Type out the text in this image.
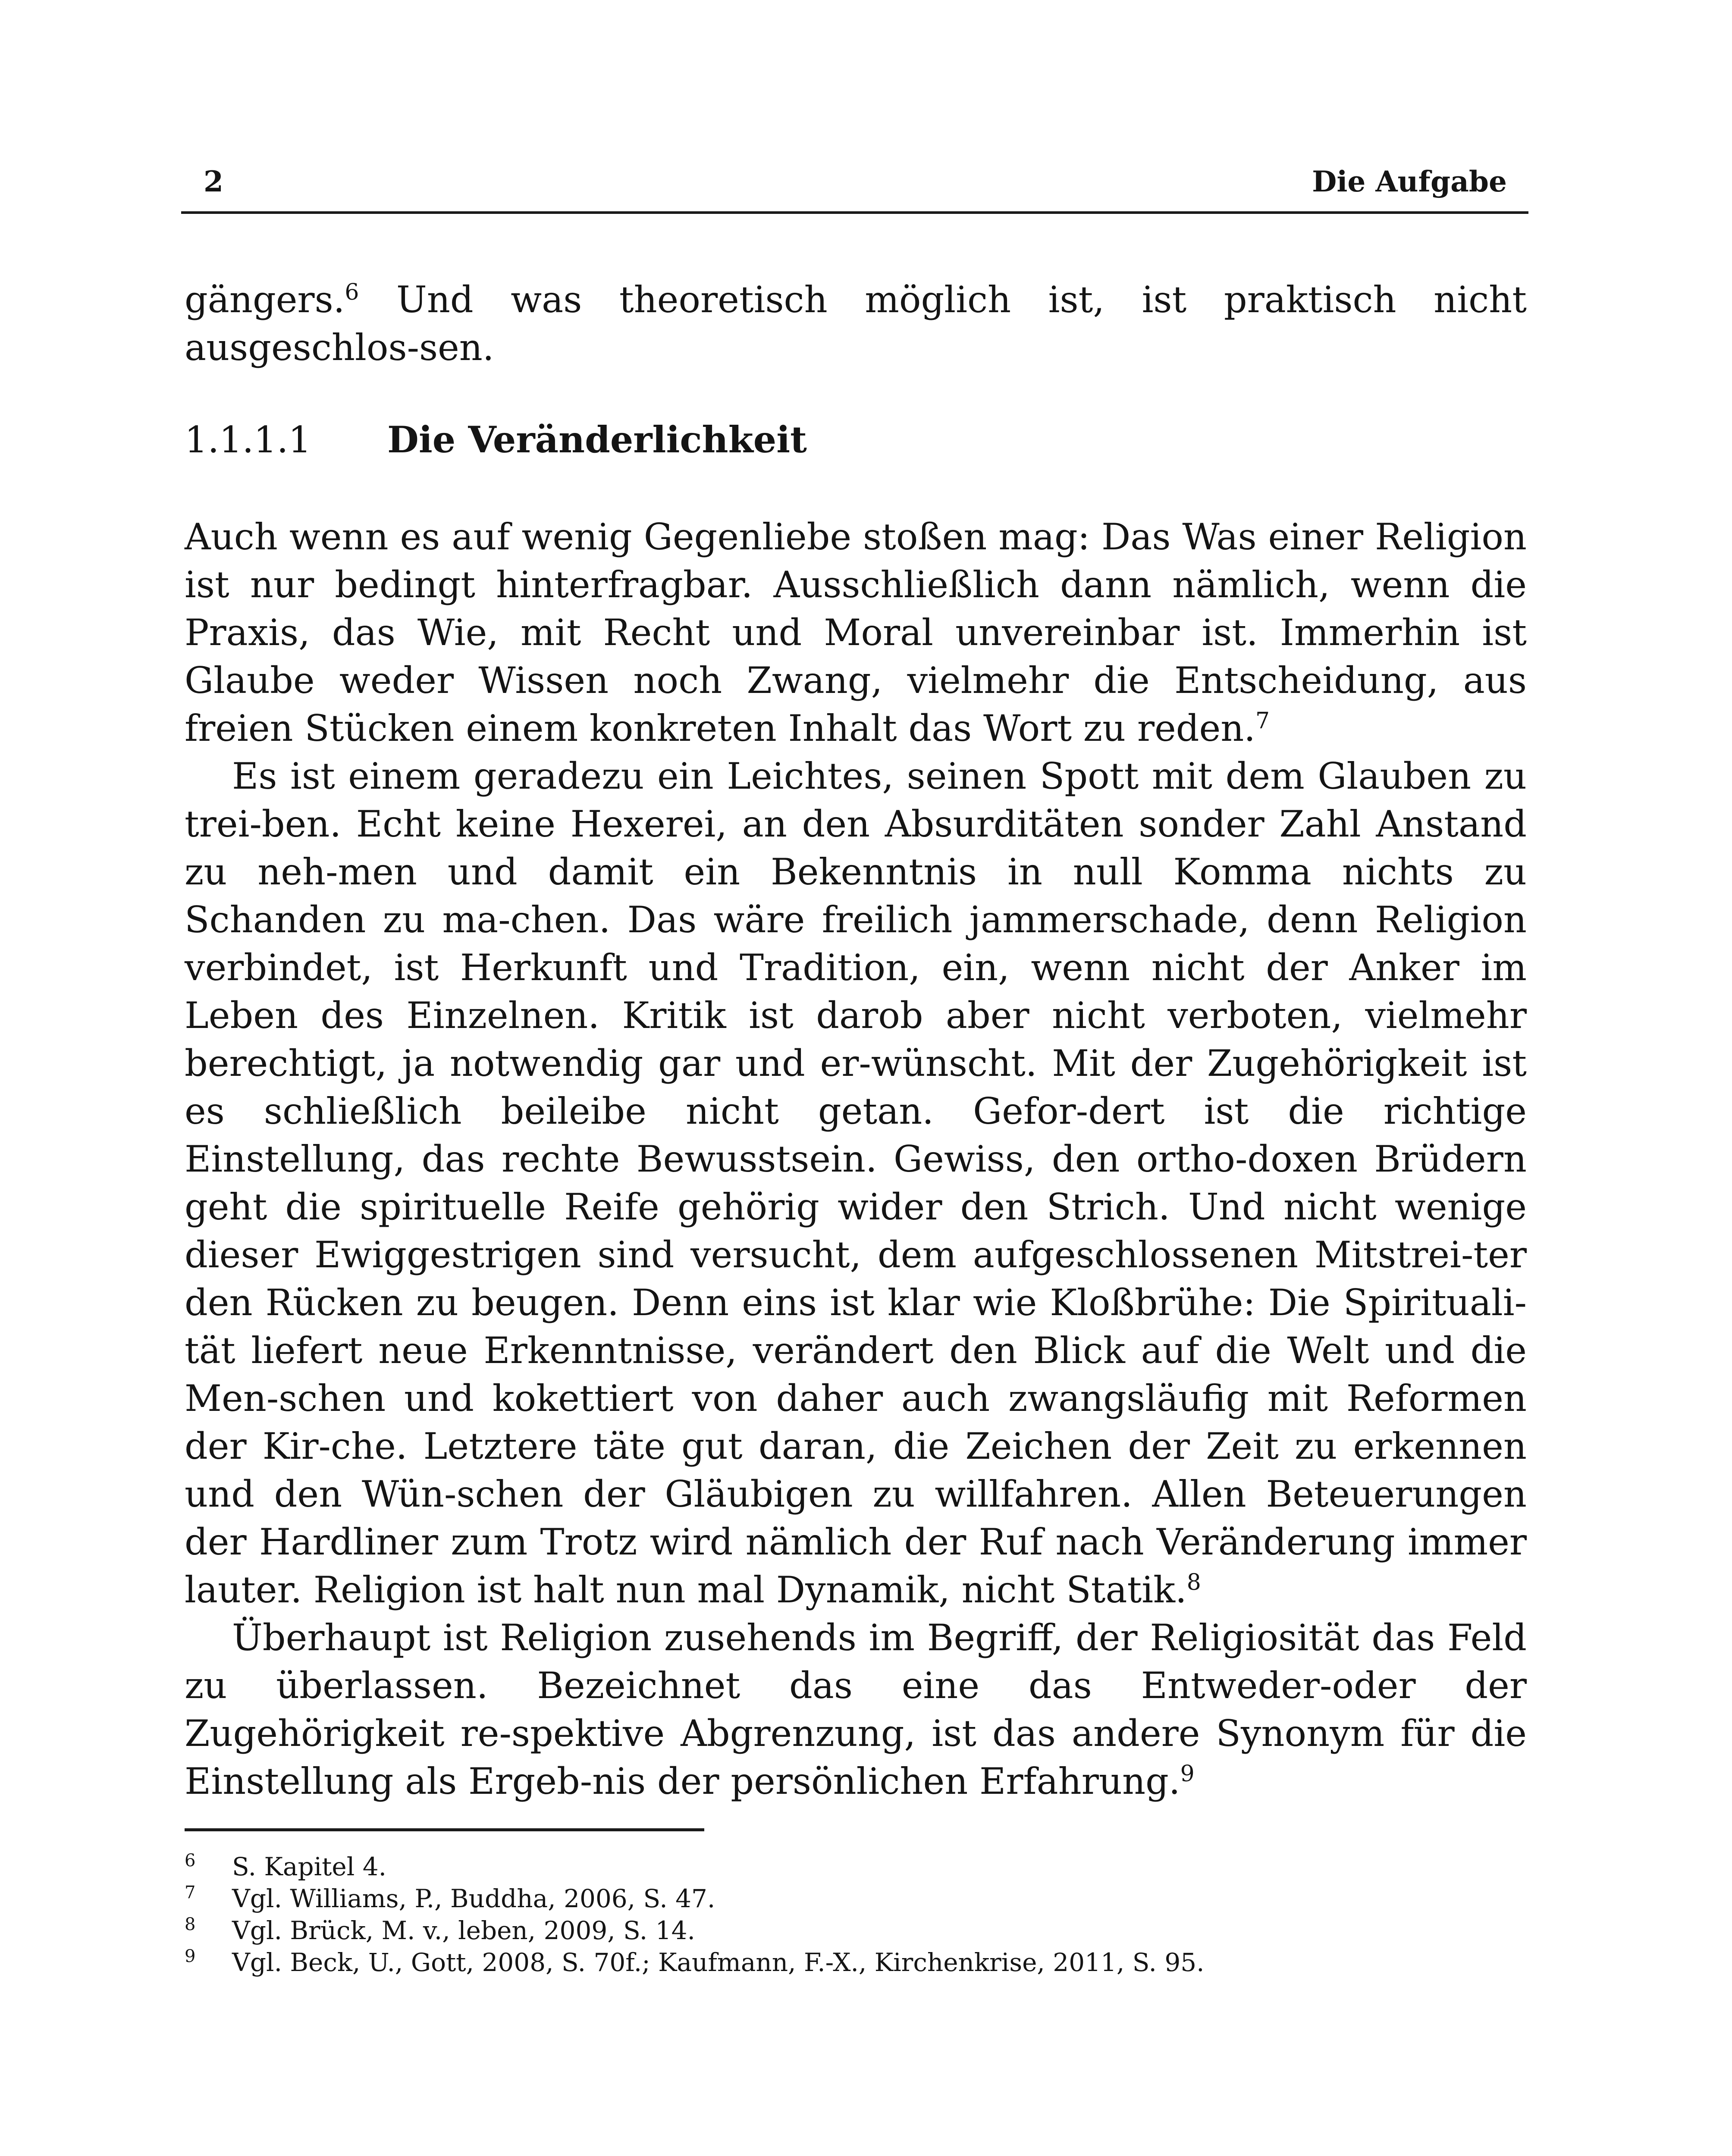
2	Die Aufgabe

gängers.$^6$ Und was theoretisch möglich ist, ist praktisch nicht ausgeschlos-sen.

1.1.1.1 Die Veränderlichkeit

Auch wenn es auf wenig Gegenliebe stoßen mag: Das Was einer Religion ist nur bedingt hinterfragbar. Ausschließlich dann nämlich, wenn die Praxis, das Wie, mit Recht und Moral unvereinbar ist. Immerhin ist Glaube weder Wissen noch Zwang, vielmehr die Entscheidung, aus freien Stücken einem konkreten Inhalt das Wort zu reden.$^7$

Es ist einem geradezu ein Leichtes, seinen Spott mit dem Glauben zu trei-ben. Echt keine Hexerei, an den Absurditäten sonder Zahl Anstand zu neh-men und damit ein Bekenntnis in null Komma nichts zu Schanden zu ma-chen. Das wäre freilich jammerschade, denn Religion verbindet, ist Herkunft und Tradition, ein, wenn nicht der Anker im Leben des Einzelnen. Kritik ist darob aber nicht verboten, vielmehr berechtigt, ja notwendig gar und er-wünscht. Mit der Zugehörigkeit ist es schließlich beileibe nicht getan. Gefor-dert ist die richtige Einstellung, das rechte Bewusstsein. Gewiss, den ortho-doxen Brüdern geht die spirituelle Reife gehörig wider den Strich. Und nicht wenige dieser Ewiggestrigen sind versucht, dem aufgeschlossenen Mitstrei-ter den Rücken zu beugen. Denn eins ist klar wie Kloßbrühe: Die Spirituali-tät liefert neue Erkenntnisse, verändert den Blick auf die Welt und die Men-schen und kokettiert von daher auch zwangsläufig mit Reformen der Kir-che. Letztere täte gut daran, die Zeichen der Zeit zu erkennen und den Wün-schen der Gläubigen zu willfahren. Allen Beteuerungen der Hardliner zum Trotz wird nämlich der Ruf nach Veränderung immer lauter. Religion ist halt nun mal Dynamik, nicht Statik.$^8$

Überhaupt ist Religion zusehends im Begriff, der Religiosität das Feld zu überlassen. Bezeichnet das eine das Entweder-oder der Zugehörigkeit re-spektive Abgrenzung, ist das andere Synonym für die Einstellung als Ergeb-nis der persönlichen Erfahrung.$^9$

6 S. Kapitel 4.
7 Vgl. Williams, P., Buddha, 2006, S. 47.
8 Vgl. Brück, M. v., leben, 2009, S. 14.
9 Vgl. Beck, U., Gott, 2008, S. 70f.; Kaufmann, F.-X., Kirchenkrise, 2011, S. 95.
